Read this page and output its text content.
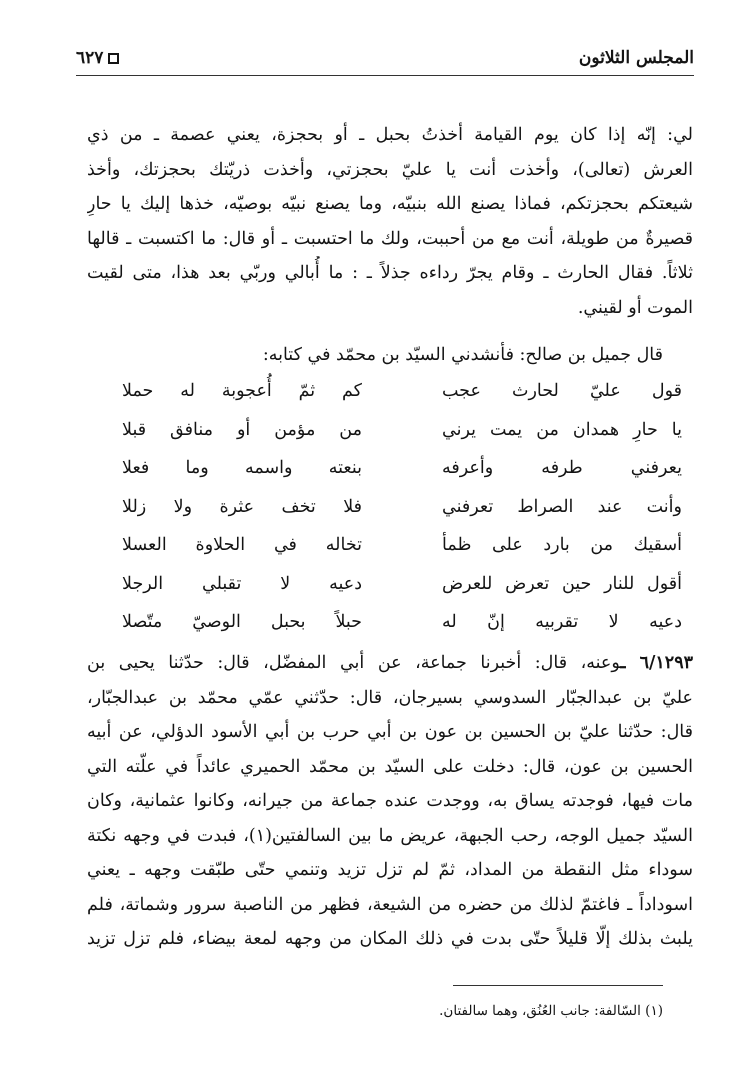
المجلس الثلاثون
٦٢٧
لي: إنّه إذا كان يوم القيامة أخذتُ بحبل ـ أو بحجزة، يعني عصمة ـ من ذي
العرش (تعالى)، وأخذت أنت يا عليّ بحجزتي، وأخذت ذريّتك بحجزتك، وأخذ
شيعتكم بحجزتكم، فماذا يصنع الله بنبيّه، وما يصنع نبيّه بوصيّه، خذها إليك يا حارِ
قصيرةٌ من طويلة، أنت مع من أحببت، ولك ما احتسبت ـ أو قال: ما اكتسبت ـ قالها
ثلاثاً. فقال الحارث ـ وقام يجرّ رداءه جذلاً ـ : ما أُبالي وربّي بعد هذا، متى لقيت
الموت أو لقيني.
قال جميل بن صالح: فأنشدني السيّد بن محمّد في كتابه:
قول عليّ لحارث عجب
كم ثمّ أُعجوبة له حملا
يا حارِ همدان من يمت يرني
من مؤمن أو منافق قبلا
يعرفني طرفه وأعرفه
بنعته واسمه وما فعلا
وأنت عند الصراط تعرفني
فلا تخف عثرة ولا زللا
أسقيك من بارد على ظمأ
تخاله في الحلاوة العسلا
أقول للنار حين تعرض للعرض
دعيه لا تقبلي الرجلا
دعيه لا تقربيه إنّ له
حبلاً بحبل الوصيّ متّصلا
٦/١٢٩٣ ـوعنه، قال: أخبرنا جماعة، عن أبي المفضّل، قال: حدّثنا يحيى بن
عليّ بن عبدالجبّار السدوسي بسيرجان، قال: حدّثني عمّي محمّد بن عبدالجبّار،
قال: حدّثنا عليّ بن الحسين بن عون بن أبي حرب بن أبي الأسود الدؤلي، عن أبيه
الحسين بن عون، قال: دخلت على السيّد بن محمّد الحميري عائداً في علّته التي
مات فيها، فوجدته يساق به، ووجدت عنده جماعة من جيرانه، وكانوا عثمانية، وكان
السيّد جميل الوجه، رحب الجبهة، عريض ما بين السالفتين(١)، فبدت في وجهه نكتة
سوداء مثل النقطة من المداد، ثمّ لم تزل تزيد وتنمي حتّى طبّقت وجهه ـ يعني
اسوداداً ـ فاغتمّ لذلك من حضره من الشيعة، فظهر من الناصبة سرور وشماتة، فلم
يلبث بذلك إلّا قليلاً حتّى بدت في ذلك المكان من وجهه لمعة بيضاء، فلم تزل تزيد
(١) السّالفة: جانب العُنُق، وهما سالفتان.
